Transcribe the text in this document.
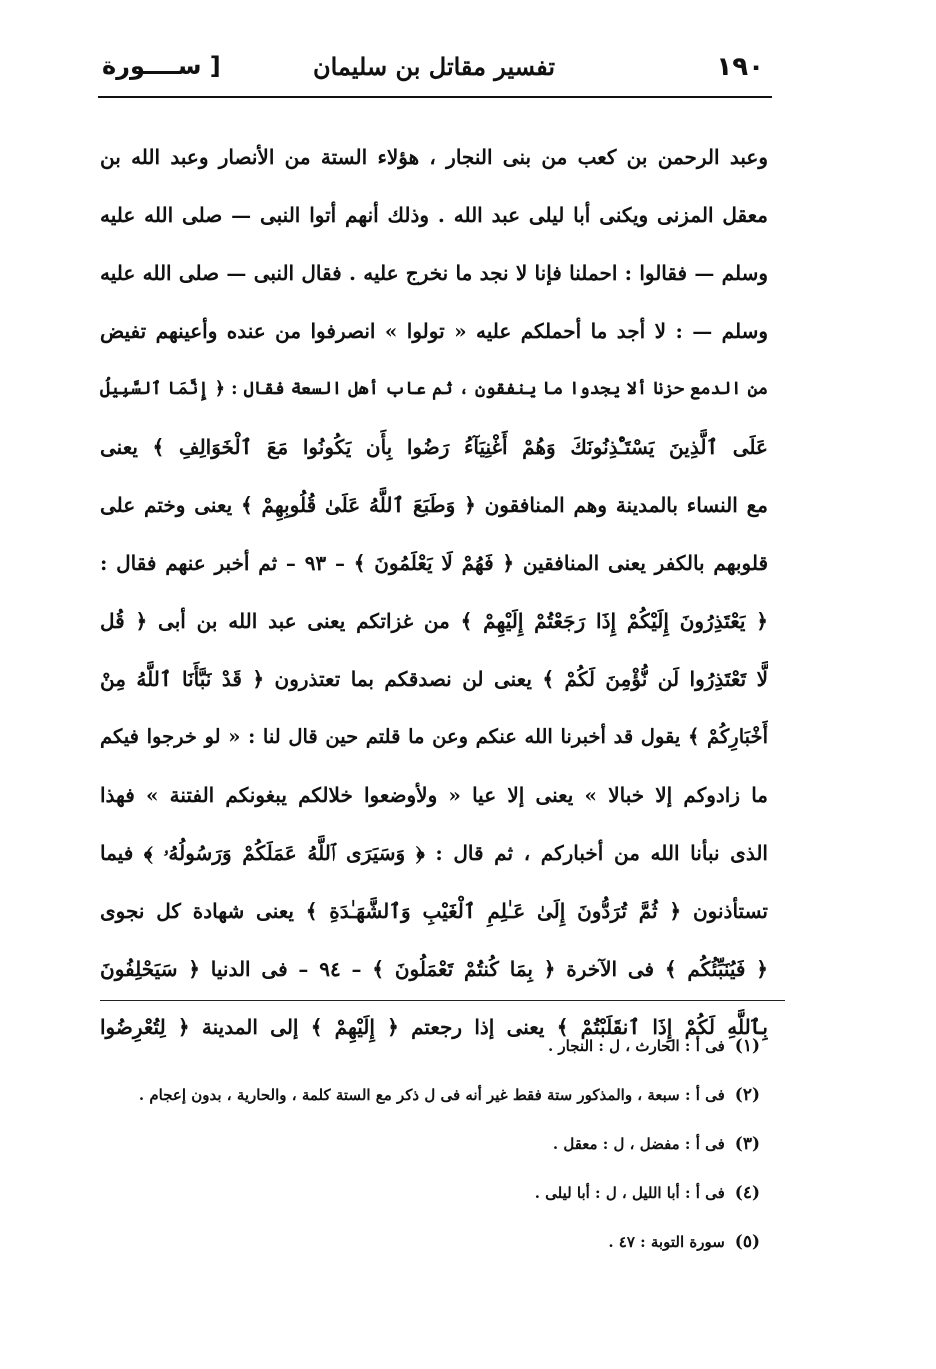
١٩٠
تفسير مقاتل بن سليمان
[ ســــورة
وعبد الرحمن بن كعب من بنى النجار ، هؤلاء الستة من الأنصار وعبد الله بن
معقل المزنى ويكنى أبا ليلى عبد الله . وذلك أنهم أتوا النبى — صلى الله عليه
وسلم — فقالوا : احملنا فإنا لا نجد ما نخرج عليه . فقال النبى — صلى الله عليه
وسلم — : لا أجد ما أحملكم عليه « تولوا » انصرفوا من عنده وأعينهم تفيض
من الدمع حزنا ألا يجدوا ما ينفقون ، ثم عاب أهل السعة فقال : ﴿ إِنَّمَا ٱلسَّبِيلُ
عَلَى ٱلَّذِينَ يَسْتَـْٔذِنُونَكَ وَهُمْ أَغْنِيَآءُ رَضُوا بِأَن يَكُونُوا مَعَ ٱلْخَوَالِفِ ﴾ يعنى
مع النساء بالمدينة وهم المنافقون ﴿ وَطَبَعَ ٱللَّهُ عَلَىٰ قُلُوبِهِمْ ﴾ يعنى وختم على
قلوبهم بالكفر يعنى المنافقين ﴿ فَهُمْ لَا يَعْلَمُونَ ﴾ – ٩٣ – ثم أخبر عنهم فقال :
﴿ يَعْتَذِرُونَ إِلَيْكُمْ إِذَا رَجَعْتُمْ إِلَيْهِمْ ﴾ من غزاتكم يعنى عبد الله بن أبى ﴿ قُل
لَّا تَعْتَذِرُوا لَن نُّؤْمِنَ لَكُمْ ﴾ يعنى لن نصدقكم بما تعتذرون ﴿ قَدْ نَبَّأَنَا ٱللَّهُ مِنْ
أَخْبَارِكُمْ ﴾ يقول قد أخبرنا الله عنكم وعن ما قلتم حين قال لنا : « لو خرجوا فيكم
ما زادوكم إلا خبالا » يعنى إلا عيا « ولأوضعوا خلالكم يبغونكم الفتنة » فهذا
الذى نبأنا الله من أخباركم ، ثم قال : ﴿ وَسَيَرَى ٱللَّهُ عَمَلَكُمْ وَرَسُولُهُۥ ﴾ فيما
تستأذنون ﴿ ثُمَّ تُرَدُّونَ إِلَىٰ عَـٰلِمِ ٱلْغَيْبِ وَٱلشَّهَـٰدَةِ ﴾ يعنى شهادة كل نجوى
﴿ فَيُنَبِّئُكُم ﴾ فى الآخرة ﴿ بِمَا كُنتُمْ تَعْمَلُونَ ﴾ – ٩٤ – فى الدنيا ﴿ سَيَحْلِفُونَ
بِٱللَّهِ لَكُمْ إِذَا ٱنقَلَبْتُمْ ﴾ يعنى إذا رجعتم ﴿ إِلَيْهِمْ ﴾ إلى المدينة ﴿ لِتُعْرِضُوا
(١)فى أ : الحارث ، ل : النجار .
(٢)فى أ : سبعة ، والمذكور ستة فقط غير أنه فى ل ذكر مع الستة كلمة ، والحارية ، بدون إعجام .
(٣)فى أ : مفضل ، ل : معقل .
(٤)فى أ : أبا الليل ، ل : أبا ليلى .
(٥)سورة التوبة : ٤٧ .
